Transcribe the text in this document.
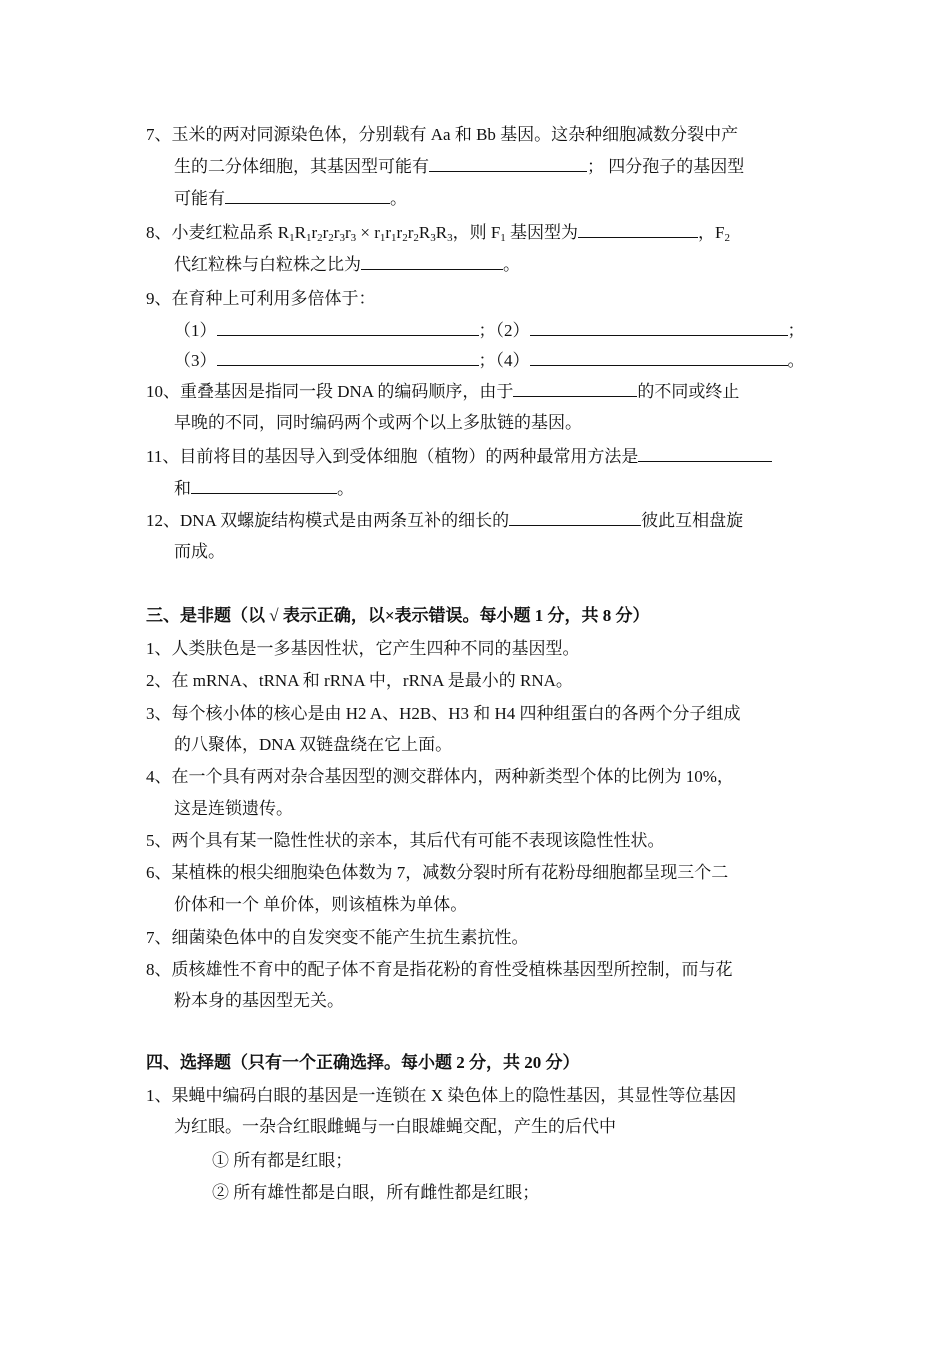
7、玉米的两对同源染色体，分别载有 Aa 和 Bb 基因。这杂种细胞减数分裂中产
生的二分体细胞，其基因型可能有	； 四分孢子的基因型
可能有	。
8、小麦红粒品系 $R_1R_1r_2r_2r_3r_3 \times r_1r_1r_2r_2R_3R_3$，则 $F_1$ 基因型为	，$F_2$
代红粒株与白粒株之比为	。
9、在育种上可利用多倍体于：
（1）	；（2）	；
（3）	；（4）	。
10、重叠基因是指同一段 DNA 的编码顺序，由于	的不同或终止
早晚的不同，同时编码两个或两个以上多肽链的基因。
11、目前将目的基因导入到受体细胞（植物）的两种最常用方法是
和	。
12、DNA 双螺旋结构模式是由两条互补的细长的	彼此互相盘旋
而成。
三、是非题（以 √ 表示正确，以×表示错误。每小题 1 分，共 8 分）
1、人类肤色是一多基因性状，它产生四种不同的基因型。
2、在 mRNA、tRNA 和 rRNA 中，rRNA 是最小的 RNA。
3、每个核小体的核心是由 H2 A、H2B、H3 和 H4 四种组蛋白的各两个分子组成
的八聚体，DNA 双链盘绕在它上面。
4、在一个具有两对杂合基因型的测交群体内，两种新类型个体的比例为 10%，
这是连锁遗传。
5、两个具有某一隐性性状的亲本，其后代有可能不表现该隐性性状。
6、某植株的根尖细胞染色体数为 7，减数分裂时所有花粉母细胞都呈现三个二
价体和一个 单价体，则该植株为单体。
7、细菌染色体中的自发突变不能产生抗生素抗性。
8、质核雄性不育中的配子体不育是指花粉的育性受植株基因型所控制，而与花
粉本身的基因型无关。
四、选择题（只有一个正确选择。每小题 2 分，共 20 分）
1、果蝇中编码白眼的基因是一连锁在 X 染色体上的隐性基因，其显性等位基因
为红眼。一杂合红眼雌蝇与一白眼雄蝇交配，产生的后代中
① 所有都是红眼；
② 所有雄性都是白眼，所有雌性都是红眼；
